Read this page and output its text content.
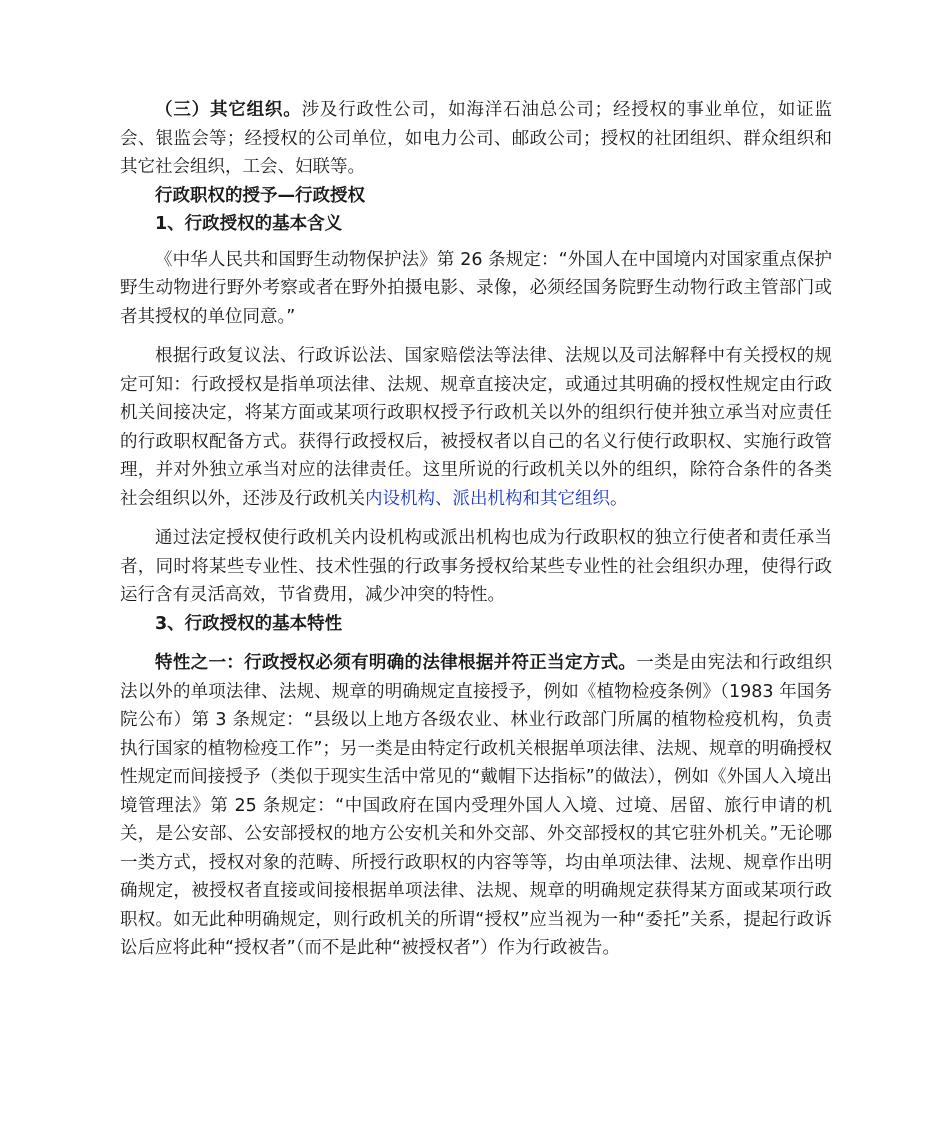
（三）其它组织。涉及行政性公司，如海洋石油总公司；经授权的事业单位，如证监会、银监会等；经授权的公司单位，如电力公司、邮政公司；授权的社团组织、群众组织和其它社会组织，工会、妇联等。

行政职权的授予—行政授权

1、行政授权的基本含义

《中华人民共和国野生动物保护法》第 26 条规定：“外国人在中国境内对国家重点保护野生动物进行野外考察或者在野外拍摄电影、录像，必须经国务院野生动物行政主管部门或者其授权的单位同意。”

根据行政复议法、行政诉讼法、国家赔偿法等法律、法规以及司法解释中有关授权的规定可知：行政授权是指单项法律、法规、规章直接决定，或通过其明确的授权性规定由行政机关间接决定，将某方面或某项行政职权授予行政机关以外的组织行使并独立承当对应责任的行政职权配备方式。获得行政授权后，被授权者以自己的名义行使行政职权、实施行政管理，并对外独立承当对应的法律责任。这里所说的行政机关以外的组织，除符合条件的各类社会组织以外，还涉及行政机关内设机构、派出机构和其它组织。

通过法定授权使行政机关内设机构或派出机构也成为行政职权的独立行使者和责任承当者，同时将某些专业性、技术性强的行政事务授权给某些专业性的社会组织办理，使得行政运行含有灵活高效，节省费用，减少冲突的特性。

3、行政授权的基本特性

特性之一：行政授权必须有明确的法律根据并符正当定方式。一类是由宪法和行政组织法以外的单项法律、法规、规章的明确规定直接授予，例如《植物检疫条例》（1983 年国务院公布）第 3 条规定：“县级以上地方各级农业、林业行政部门所属的植物检疫机构，负责执行国家的植物检疫工作”；另一类是由特定行政机关根据单项法律、法规、规章的明确授权性规定而间接授予（类似于现实生活中常见的“戴帽下达指标”的做法），例如《外国人入境出境管理法》第 25 条规定：“中国政府在国内受理外国人入境、过境、居留、旅行申请的机关，是公安部、公安部授权的地方公安机关和外交部、外交部授权的其它驻外机关。”无论哪一类方式，授权对象的范畴、所授行政职权的内容等等，均由单项法律、法规、规章作出明确规定，被授权者直接或间接根据单项法律、法规、规章的明确规定获得某方面或某项行政职权。如无此种明确规定，则行政机关的所谓“授权”应当视为一种“委托”关系，提起行政诉讼后应将此种“授权者”（而不是此种“被授权者”）作为行政被告。
